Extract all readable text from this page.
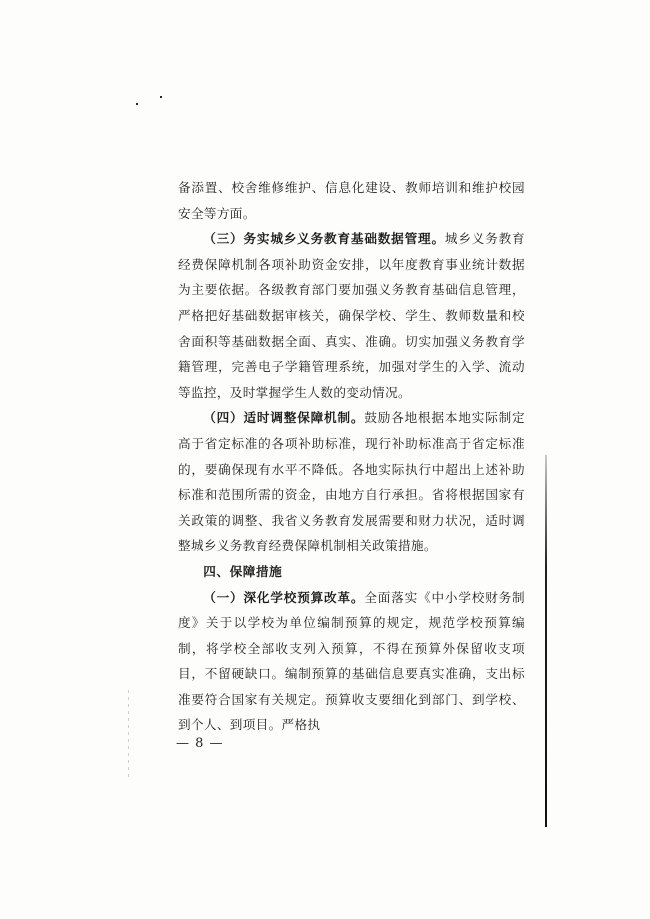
备添置、校舍维修维护、信息化建设、教师培训和维护校园安全等方面。

（三）务实城乡义务教育基础数据管理。城乡义务教育经费保障机制各项补助资金安排，以年度教育事业统计数据为主要依据。各级教育部门要加强义务教育基础信息管理，严格把好基础数据审核关，确保学校、学生、教师数量和校舍面积等基础数据全面、真实、准确。切实加强义务教育学籍管理，完善电子学籍管理系统，加强对学生的入学、流动等监控，及时掌握学生人数的变动情况。

（四）适时调整保障机制。鼓励各地根据本地实际制定高于省定标准的各项补助标准，现行补助标准高于省定标准的，要确保现有水平不降低。各地实际执行中超出上述补助标准和范围所需的资金，由地方自行承担。省将根据国家有关政策的调整、我省义务教育发展需要和财力状况，适时调整城乡义务教育经费保障机制相关政策措施。

四、保障措施

（一）深化学校预算改革。全面落实《中小学校财务制度》关于以学校为单位编制预算的规定，规范学校预算编制，将学校全部收支列入预算，不得在预算外保留收支项目，不留硬缺口。编制预算的基础信息要真实准确，支出标准要符合国家有关规定。预算收支要细化到部门、到学校、到个人、到项目。严格执

— 8 —
